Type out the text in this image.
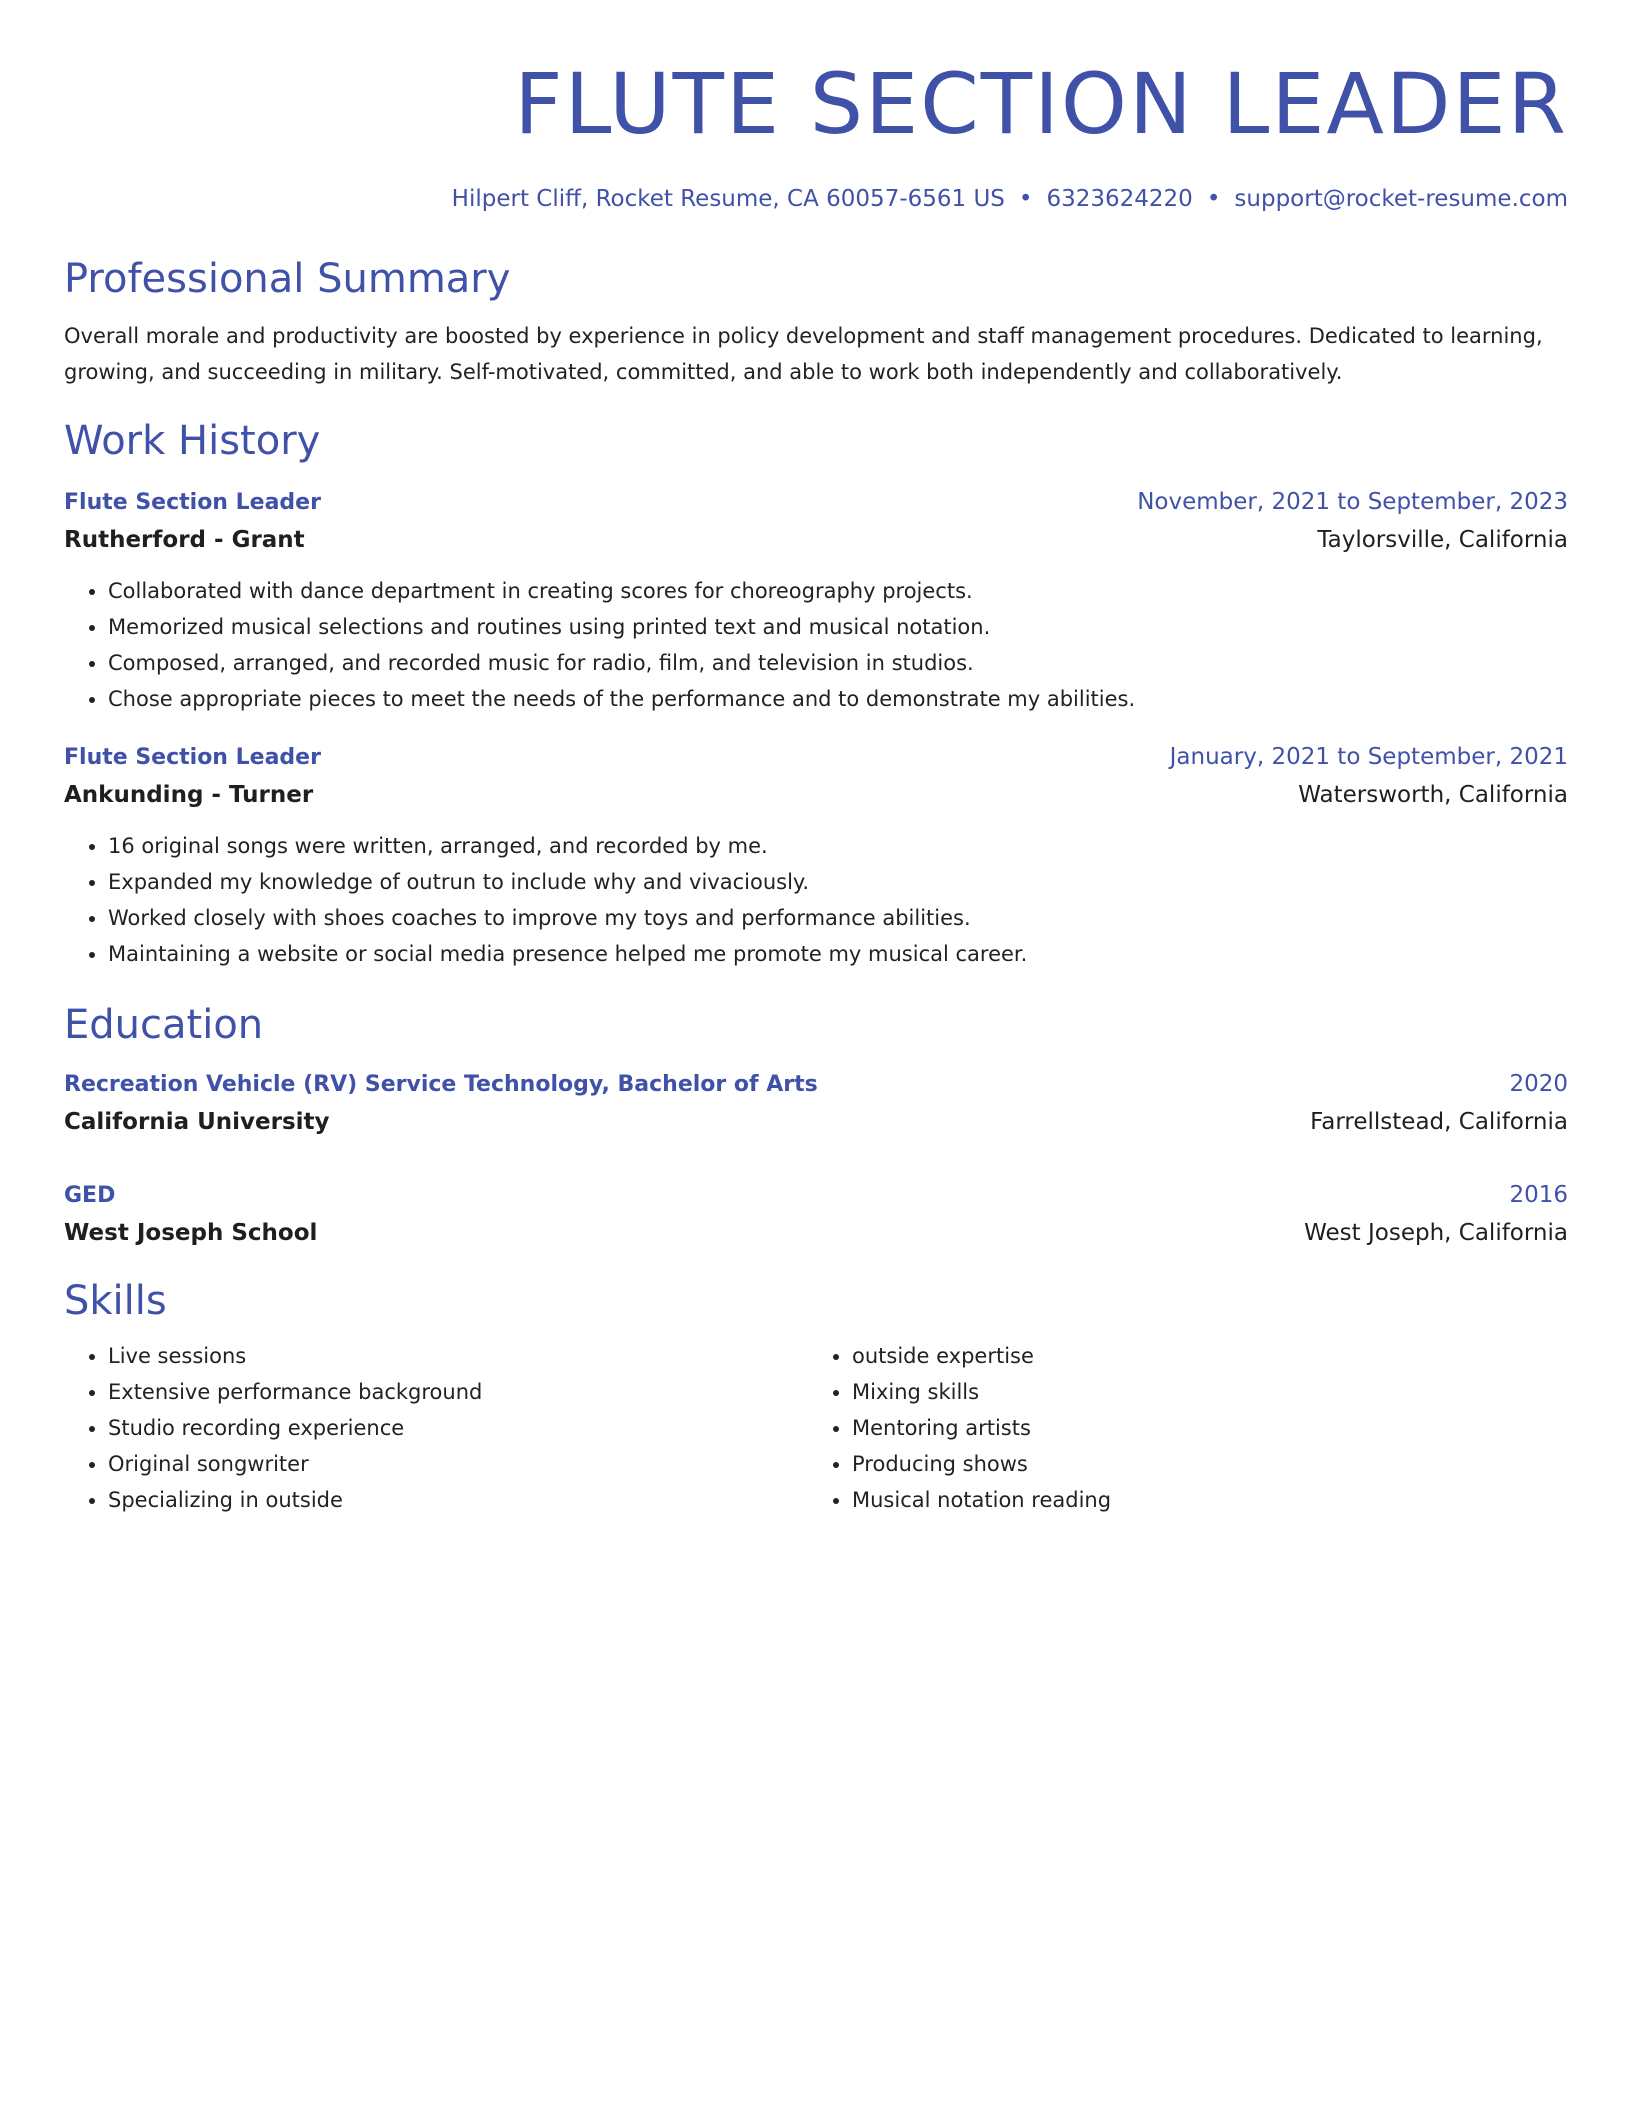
FLUTE SECTION LEADER
Hilpert Cliff, Rocket Resume, CA 60057-6561 US • 6323624220 • support@rocket-resume.com
Professional Summary
Overall morale and productivity are boosted by experience in policy development and staff management procedures. Dedicated to learning, growing, and succeeding in military. Self-motivated, committed, and able to work both independently and collaboratively.
Work History
Flute Section Leader	November, 2021 to September, 2023
Rutherford - Grant	Taylorsville, California
• Collaborated with dance department in creating scores for choreography projects.
• Memorized musical selections and routines using printed text and musical notation.
• Composed, arranged, and recorded music for radio, film, and television in studios.
• Chose appropriate pieces to meet the needs of the performance and to demonstrate my abilities.
Flute Section Leader	January, 2021 to September, 2021
Ankunding - Turner	Watersworth, California
• 16 original songs were written, arranged, and recorded by me.
• Expanded my knowledge of outrun to include why and vivaciously.
• Worked closely with shoes coaches to improve my toys and performance abilities.
• Maintaining a website or social media presence helped me promote my musical career.
Education
Recreation Vehicle (RV) Service Technology, Bachelor of Arts	2020
California University	Farrellstead, California
GED	2016
West Joseph School	West Joseph, California
Skills
• Live sessions
• Extensive performance background
• Studio recording experience
• Original songwriter
• Specializing in outside
• outside expertise
• Mixing skills
• Mentoring artists
• Producing shows
• Musical notation reading
